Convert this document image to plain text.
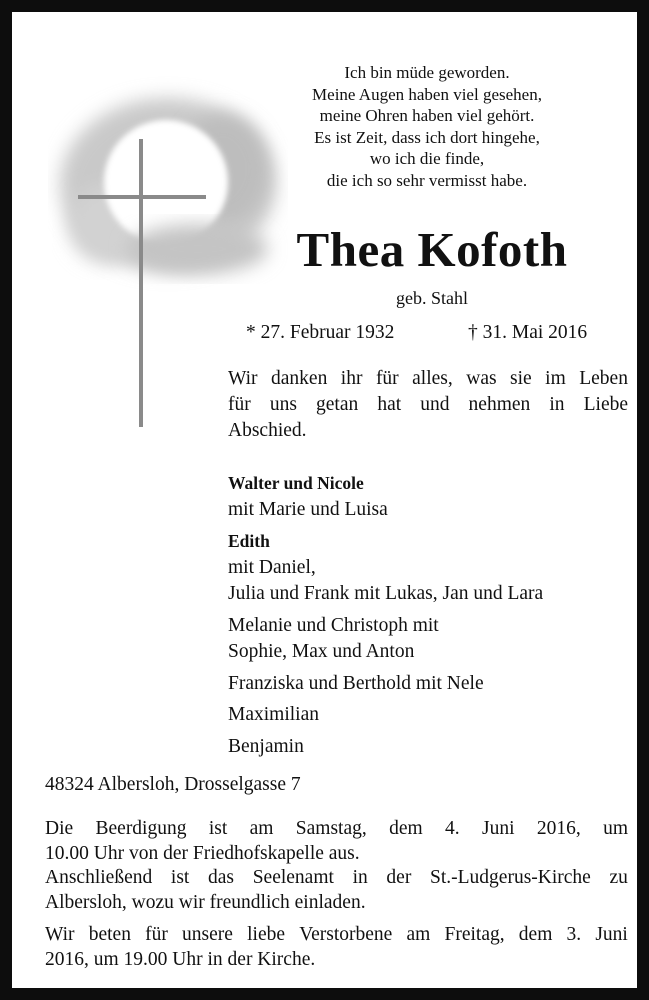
Ich bin müde geworden.
Meine Augen haben viel gesehen,
meine Ohren haben viel gehört.
Es ist Zeit, dass ich dort hingehe,
wo ich die finde,
die ich so sehr vermisst habe.
Thea Kofoth
geb. Stahl
* 27. Februar 1932	† 31. Mai 2016
Wir danken ihr für alles, was sie im Leben
für uns getan hat und nehmen in Liebe
Abschied.
Walter und Nicole
mit Marie und Luisa
Edith
mit Daniel,
Julia und Frank mit Lukas, Jan und Lara
Melanie und Christoph mit
Sophie, Max und Anton
Franziska und Berthold mit Nele
Maximilian
Benjamin
48324 Albersloh, Drosselgasse 7
Die Beerdigung ist am Samstag, dem 4. Juni 2016, um
10.00 Uhr von der Friedhofskapelle aus.
Anschließend ist das Seelenamt in der St.-Ludgerus-Kirche zu
Albersloh, wozu wir freundlich einladen.
Wir beten für unsere liebe Verstorbene am Freitag, dem 3. Juni
2016, um 19.00 Uhr in der Kirche.
